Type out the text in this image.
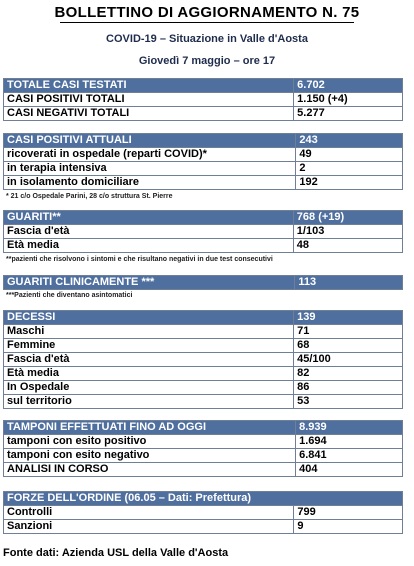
BOLLETTINO DI AGGIORNAMENTO N. 75
COVID-19 – Situazione in Valle d'Aosta
Giovedì 7 maggio – ore 17
TOTALE CASI TESTATI	6.702
CASI POSITIVI TOTALI	1.150 (+4)
CASI NEGATIVI TOTALI	5.277
CASI POSITIVI ATTUALI	243
ricoverati in ospedale (reparti COVID)*	49
in terapia intensiva	2
in isolamento domiciliare	192
* 21 c/o Ospedale Parini, 28 c/o struttura St. Pierre
GUARITI**	768 (+19)
Fascia d'età	1/103
Età media	48
**pazienti che risolvono i sintomi e che risultano negativi in due test consecutivi
GUARITI CLINICAMENTE ***	113
***Pazienti che diventano asintomatici
DECESSI	139
Maschi	71
Femmine	68
Fascia d'età	45/100
Età media	82
In Ospedale	86
sul territorio	53
TAMPONI EFFETTUATI FINO AD OGGI	8.939
tamponi con esito positivo	1.694
tamponi con esito negativo	6.841
ANALISI IN CORSO	404
FORZE DELL'ORDINE (06.05 – Dati: Prefettura)	
Controlli	799
Sanzioni	9
Fonte dati: Azienda USL della Valle d'Aosta
